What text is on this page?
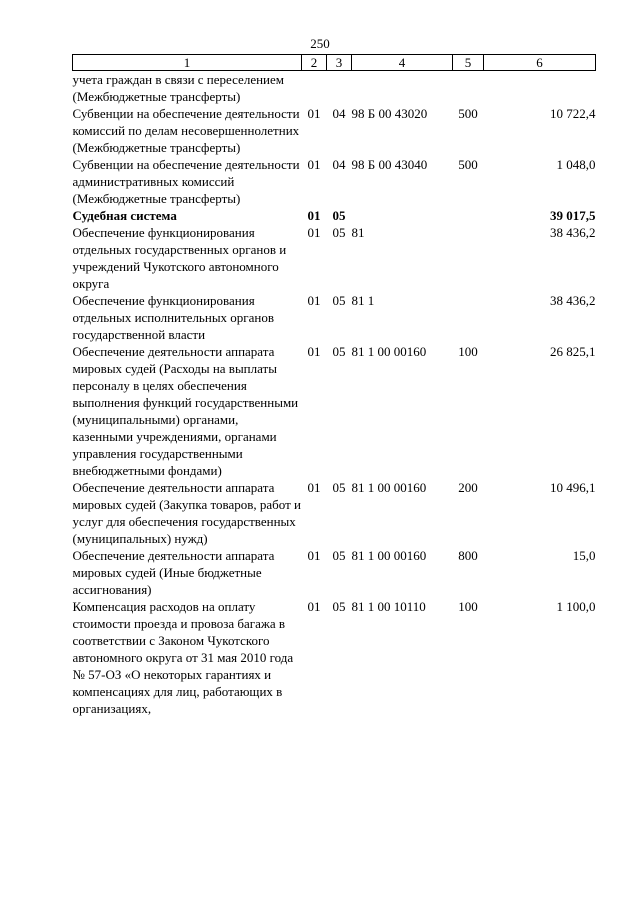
250
1	2	3	4	5	6
учета граждан в связи с переселением (Межбюджетные трансферты)					
Субвенции на обеспечение деятельности комиссий по делам несовершеннолетних (Межбюджетные трансферты)	01	04	98 Б 00 43020	500	10 722,4
Субвенции на обеспечение деятельности административных комиссий (Межбюджетные трансферты)	01	04	98 Б 00 43040	500	1 048,0
Судебная система	01	05			39 017,5
Обеспечение функционирования отдельных государственных органов и учреждений Чукотского автономного округа	01	05	81		38 436,2
Обеспечение функционирования отдельных исполнительных органов государственной власти	01	05	81 1		38 436,2
Обеспечение деятельности аппарата мировых судей (Расходы на выплаты персоналу в целях обеспечения выполнения функций государственными (муниципальными) органами, казенными учреждениями, органами управления государственными внебюджетными фондами)	01	05	81 1 00 00160	100	26 825,1
Обеспечение деятельности аппарата мировых судей (Закупка товаров, работ и услуг для обеспечения государственных (муниципальных) нужд)	01	05	81 1 00 00160	200	10 496,1
Обеспечение деятельности аппарата мировых судей (Иные бюджетные ассигнования)	01	05	81 1 00 00160	800	15,0
Компенсация расходов на оплату стоимости проезда и провоза багажа в соответствии с Законом Чукотского автономного округа от 31 мая 2010 года № 57-ОЗ «О некоторых гарантиях и компенсациях для лиц, работающих в организациях,	01	05	81 1 00 10110	100	1 100,0
